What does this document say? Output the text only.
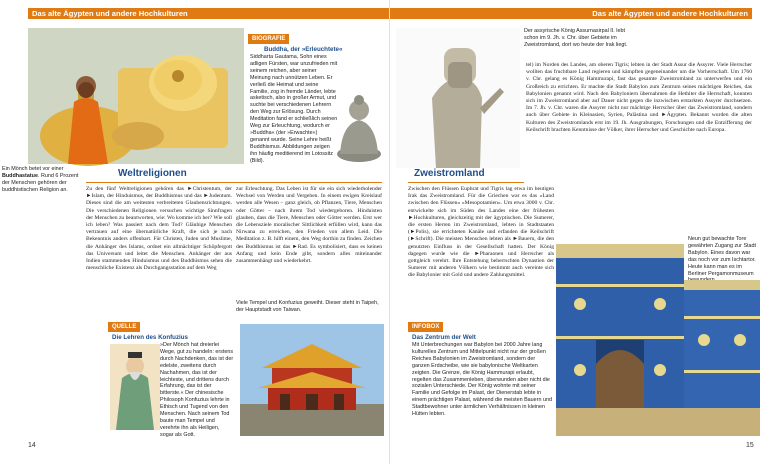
Das alte Ägypten und andere Hochkulturen
BIOGRAFIE
Buddha, der »Erleuchtete«
Siddharta Gautama, Sohn eines adligen Fürsten, war unzufrieden mit seinem reichen, aber seiner Meinung nach unnützen Leben. Er verließ die Heimat und seine Familie, zog in fremde Länder, lebte asketisch, also in großer Armut, und suchte bei verschiedenen Lehrern den Weg zur Erlösung. Durch Meditation fand er schließlich seinen Weg zur Erleuchtung, wodurch er »Buddha« (der »Erwachte«) genannt wurde. Seine Lehre heißt Buddhismus. Abbildungen zeigen ihn häufig meditierend im Lotossitz (Bild).
Ein Mönch betet vor einer Buddhastatue. Rund 6 Prozent der Menschen gehören der buddhistischen Religion an.
Weltreligionen
Zu den fünf Weltreligionen gehören das ►Christentum, der ►Islam, der Hinduismus, der Buddhismus und das ►Judentum. Dieses sind die am weitesten verbreiteten Glaubensrichtungen. Die verschiedenen Religionen versuchen wichtige Sinnfragen der Menschen zu beantworten, wie: Wo komme ich her? Wie soll ich leben? Was passiert nach dem Tod? Gläubige Menschen vertrauen auf eine übernatürliche Kraft, die sich je nach Bekenntnis anders offenbart. Für Christen, Juden und Muslime, die Anhänger des Islams, ordnet ein allmächtiger Schöpfergott das Universum und leitet die Menschen. Anhänger der aus Indien stammenden Hinduismus und des Buddhismus sehen die menschliche Existenz als Durchgangsstation auf dem Weg
zur Erleuchtung. Das Leben ist für sie ein sich wiederholender Wechsel von Werden und Vergehen. In einem ewigen Kreislauf werden alle Wesen – ganz gleich, ob Pflanzen, Tiere, Menschen oder Götter – nach ihrem Tod wiedergeboren. Hinduisten glauben, dass die Tiere, Menschen oder Götter werden. Erst wer die Lebensziele moralischer Sittlichkeit erfüllen wird, kann das Nirwana zu erreichen, den Frieden von allem Leid. Die Meditation z. B. hilft einem, den Weg dorthin zu finden. Zeichen des Buddhismus ist das ►Rad. Es symbolisiert, dass es keinen Anfang und kein Ende gibt, sondern alles miteinander zusammenhängt und wiederkehrt.
Viele Tempel und Konfuzius geweiht. Dieser steht in Taipeh, der Hauptstadt von Taiwan.
QUELLE
Die Lehren des Konfuzius
»Der Mönch hat dreierlei Wege, gut zu handeln: erstens durch Nachdenken, das ist der edelste, zweitens durch Nachahmen, das ist der leichteste, und drittens durch Erfahrung, das ist der bitterste.« Der chinesische Philosoph Konfuzius lehrte in Ethisch und Tugend von den Menschen. Nach seinem Tod baute man Tempel und verehrte ihn als Heiligen, sogar als Gott.
14
Das alte Ägypten und andere Hochkulturen
Der assyrische König Assurnasirpal II. lebt schon im 9. Jh. v. Chr. über Gebiete im Zweistromland, dort wo heute der Irak liegt.
tel) im Norden des Landes, am oberen Tigris; lebten in der Stadt Assur die Assyrer. Viele Herrscher wollten das fruchtbare Land regieren und kämpften gegeneinander um die Vorherrschaft. Um 1760 v. Chr. gelang es König Hammurapi, fast das gesamte Zweistromland zu unterwerfen und ein Großreich zu errichten. Er machte die Stadt Babylon zum Zentrum seines mächtigen Reiches, das Babylonien genannt wird. Nach den Babyloniern übernahmen die Hethiter die Herrschaft, konnten sich im Zweistromland aber auf Dauer nicht gegen die inzwischen erstarkten Assyrer durchsetzen. Im 7. Jh. v. Chr. waren die Assyrer nicht nur mächtige Herrscher über das Zweistromland, sondern auch über Gebiete in Kleinasien, Syrien, Palästina und ►Ägypten. Bekannt wurden die alten Kulturen des Zweistromlands erst im 19. Jh. Ausgrabungen, Forschungen und die Entzifferung der Keilschrift brachten Kenntnisse der Völker, ihrer Herrscher und Geschichte nach Europa.
Zweistromland
Zwischen den Flüssen Euphrat und Tigris lag etwa im heutigen Irak das Zweistromland. Für die Griechen war es das »Land zwischen den Flüssen« »Mesopotamien«. Um etwa 3000 v. Chr. entwickelte sich im Süden des Landes eine der frühesten ►Hochkulturen, gleichzeitig mit der ägyptischen. Die Sumerer, die ersten Herren im Zweistromland, lebten in Stadtstaaten (►Polis), sie errichteten Kanäle und erfanden die Keilschrift (►Schrift). Die meisten Menschen lebten als ►Bauern, die den genutzten Einfluss in der Gesellschaft hatten. Der König dagegen wurde wie die ►Pharaonen und Herrscher als gottgleich verehrt. Ihre Entstehung beherrschten Dynastien der Sumerer mit anderen Völkern wie bestimmt auch vereinte sich die Babylonier mit Gold und andere Zahlungsmittel.
Neun gut bewachte Tore gewährten Zugang zur Stadt Babylon. Eines davon war das noch vor zum Ischtartor. Heute kann man es im Berliner Pergamonmuseum
INFOBOX
Das Zentrum der Welt
Mit Unterbrechungen war Babylon bei 2000 Jahre lang kulturelles Zentrum und Mittelpunkt nicht nur der großen Reiches Babylonien im Zweistromland, sondern der ganzen Erdscheibe, wie sie babylonische Weltkarten zeigten. Die Grenze, die König Hammurapi erlaubt, regelten das Zusammenleben, überwunden aber nicht die sozialen Unterschiede. Der König wohnte mit seiner Familie und Gefolge im Palast, der Dienerstab lebte in einem prächtigen Palast, während die meisten Bauern und Stadtbewohner unter ärmlichen Verhältnissen in kleinen Hütten lebten.
15
